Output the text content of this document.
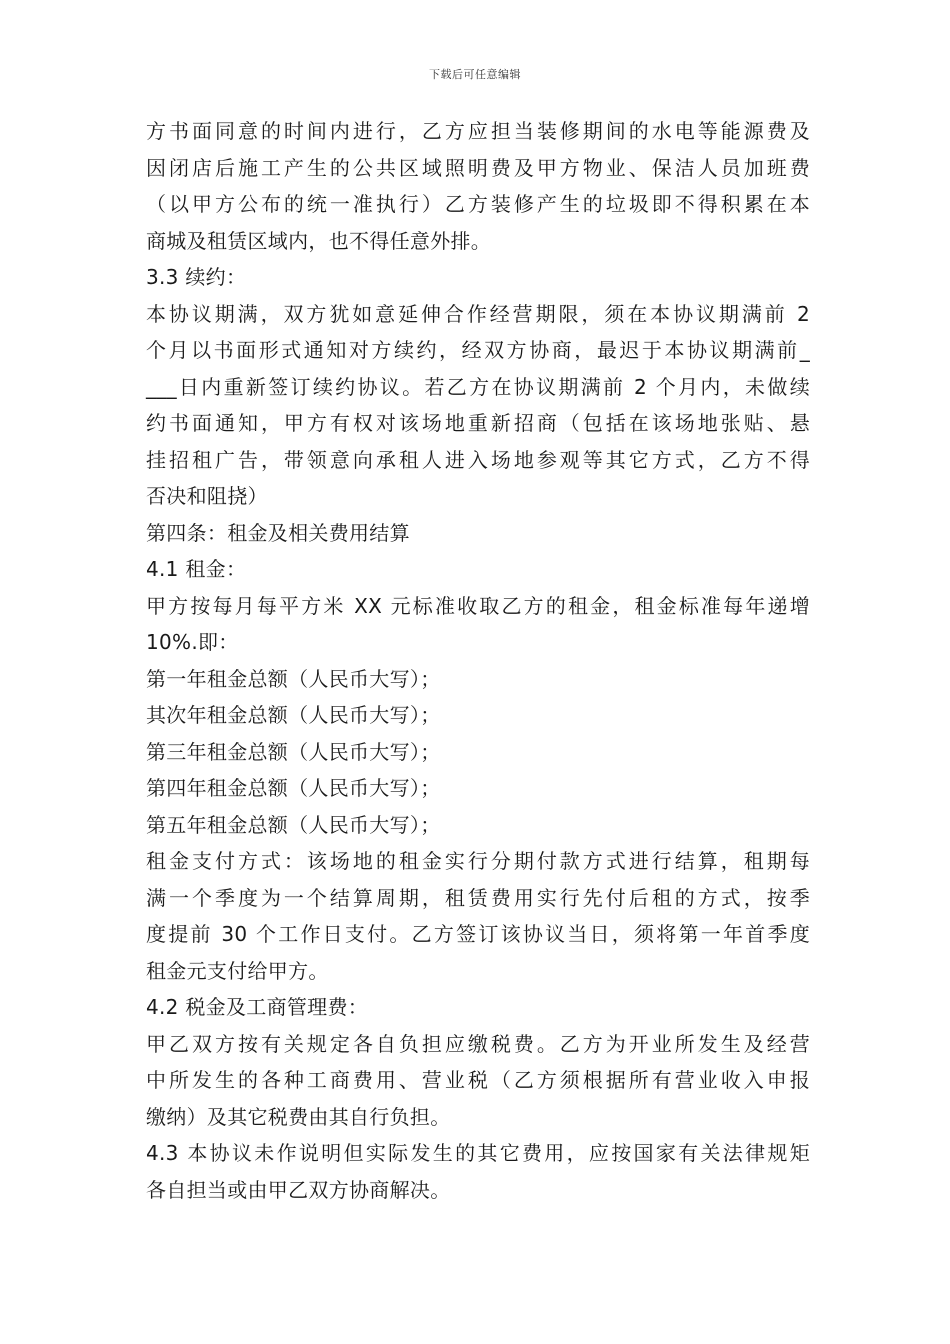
下载后可任意编辑
方书面同意的时间内进行，乙方应担当装修期间的水电等能源费及
因闭店后施工产生的公共区域照明费及甲方物业、保洁人员加班费
（以甲方公布的统一准执行）乙方装修产生的垃圾即不得积累在本
商城及租赁区域内，也不得任意外排。
3.3 续约：
本协议期满，双方犹如意延伸合作经营期限，须在本协议期满前 2
个月以书面形式通知对方续约，经双方协商，最迟于本协议期满前_
___日内重新签订续约协议。若乙方在协议期满前 2 个月内，未做续
约书面通知，甲方有权对该场地重新招商（包括在该场地张贴、悬
挂招租广告，带领意向承租人进入场地参观等其它方式，乙方不得
否决和阻挠）
第四条：租金及相关费用结算
4.1 租金：
甲方按每月每平方米 XX 元标准收取乙方的租金，租金标准每年递增
10%.即：
第一年租金总额（人民币大写）；
其次年租金总额（人民币大写）；
第三年租金总额（人民币大写）；
第四年租金总额（人民币大写）；
第五年租金总额（人民币大写）；
租金支付方式：该场地的租金实行分期付款方式进行结算，租期每
满一个季度为一个结算周期，租赁费用实行先付后租的方式，按季
度提前 30 个工作日支付。乙方签订该协议当日，须将第一年首季度
租金元支付给甲方。
4.2 税金及工商管理费：
甲乙双方按有关规定各自负担应缴税费。乙方为开业所发生及经营
中所发生的各种工商费用、营业税（乙方须根据所有营业收入申报
缴纳）及其它税费由其自行负担。
4.3 本协议未作说明但实际发生的其它费用，应按国家有关法律规矩
各自担当或由甲乙双方协商解决。
